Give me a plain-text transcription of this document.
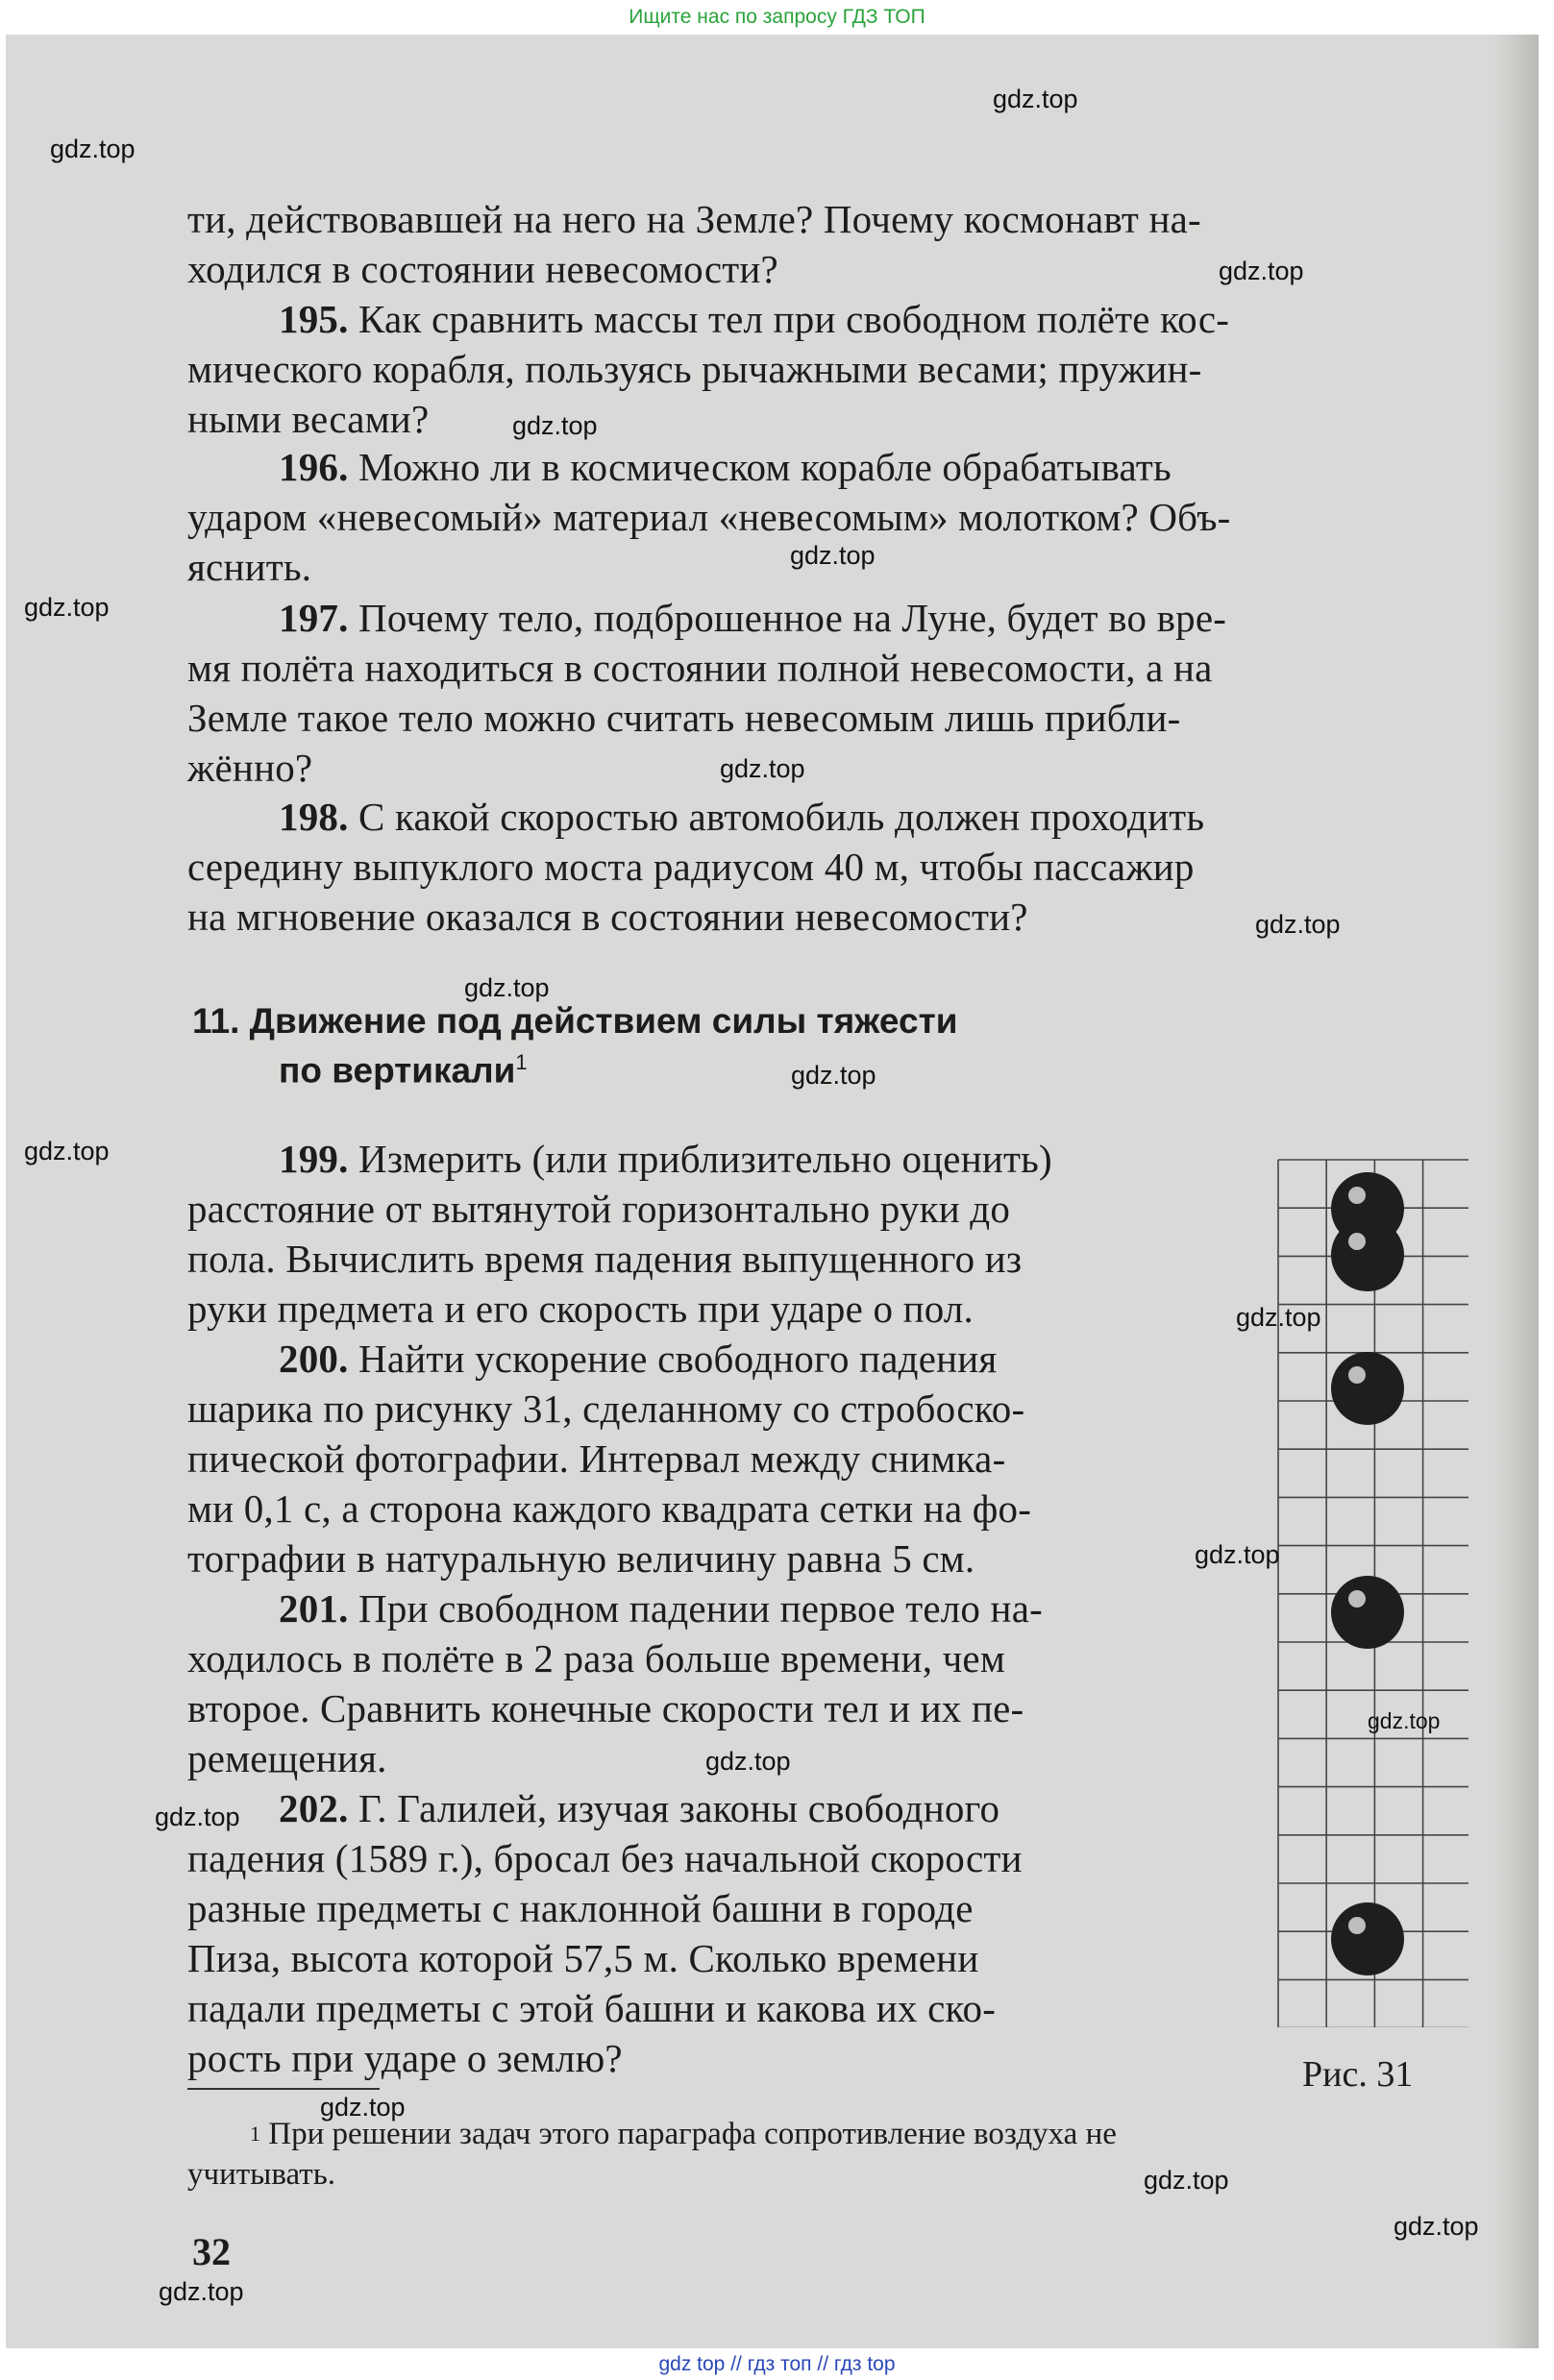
Ищите нас по запросу ГДЗ ТОП
ти, действовавшей на него на Земле? Почему космонавт на-
ходился в состоянии невесомости?
195. Как сравнить массы тел при свободном полёте кос-
мического корабля, пользуясь рычажными весами; пружин-
ными весами?
196. Можно ли в космическом корабле обрабатывать
ударом «невесомый» материал «невесомым» молотком? Объ-
яснить.
197. Почему тело, подброшенное на Луне, будет во вре-
мя полёта находиться в состоянии полной невесомости, а на
Земле такое тело можно считать невесомым лишь прибли-
жённо?
198. С какой скоростью автомобиль должен проходить
середину выпуклого моста радиусом 40 м, чтобы пассажир
на мгновение оказался в состоянии невесомости?
11. Движение под действием силы тяжести
по вертикали$^1$
199. Измерить (или приблизительно оценить)
расстояние от вытянутой горизонтально руки до
пола. Вычислить время падения выпущенного из
руки предмета и его скорость при ударе о пол.
200. Найти ускорение свободного падения
шарика по рисунку 31, сделанному со стробоско-
пической фотографии. Интервал между снимка-
ми 0,1 с, а сторона каждого квадрата сетки на фо-
тографии в натуральную величину равна 5 см.
201. При свободном падении первое тело на-
ходилось в полёте в 2 раза больше времени, чем
второе. Сравнить конечные скорости тел и их пе-
ремещения.
202. Г. Галилей, изучая законы свободного
падения (1589 г.), бросал без начальной скорости
разные предметы с наклонной башни в городе
Пиза, высота которой 57,5 м. Сколько времени
падали предметы с этой башни и какова их ско-
рость при ударе о землю?	Рис. 31
$^1$ При решении задач этого параграфа сопротивление воздуха не
учитывать.
32
gdz.top
gdz.top
gdz.top
gdz.top
gdz.top
gdz.top
gdz.top
gdz.top
gdz.top
gdz.top
gdz.top
gdz.top
gdz.top
gdz.top
gdz.top
gdz.top
gdz.top
gdz.top
gdz.top
gdz.top
gdz top // гдз топ // гдз top
